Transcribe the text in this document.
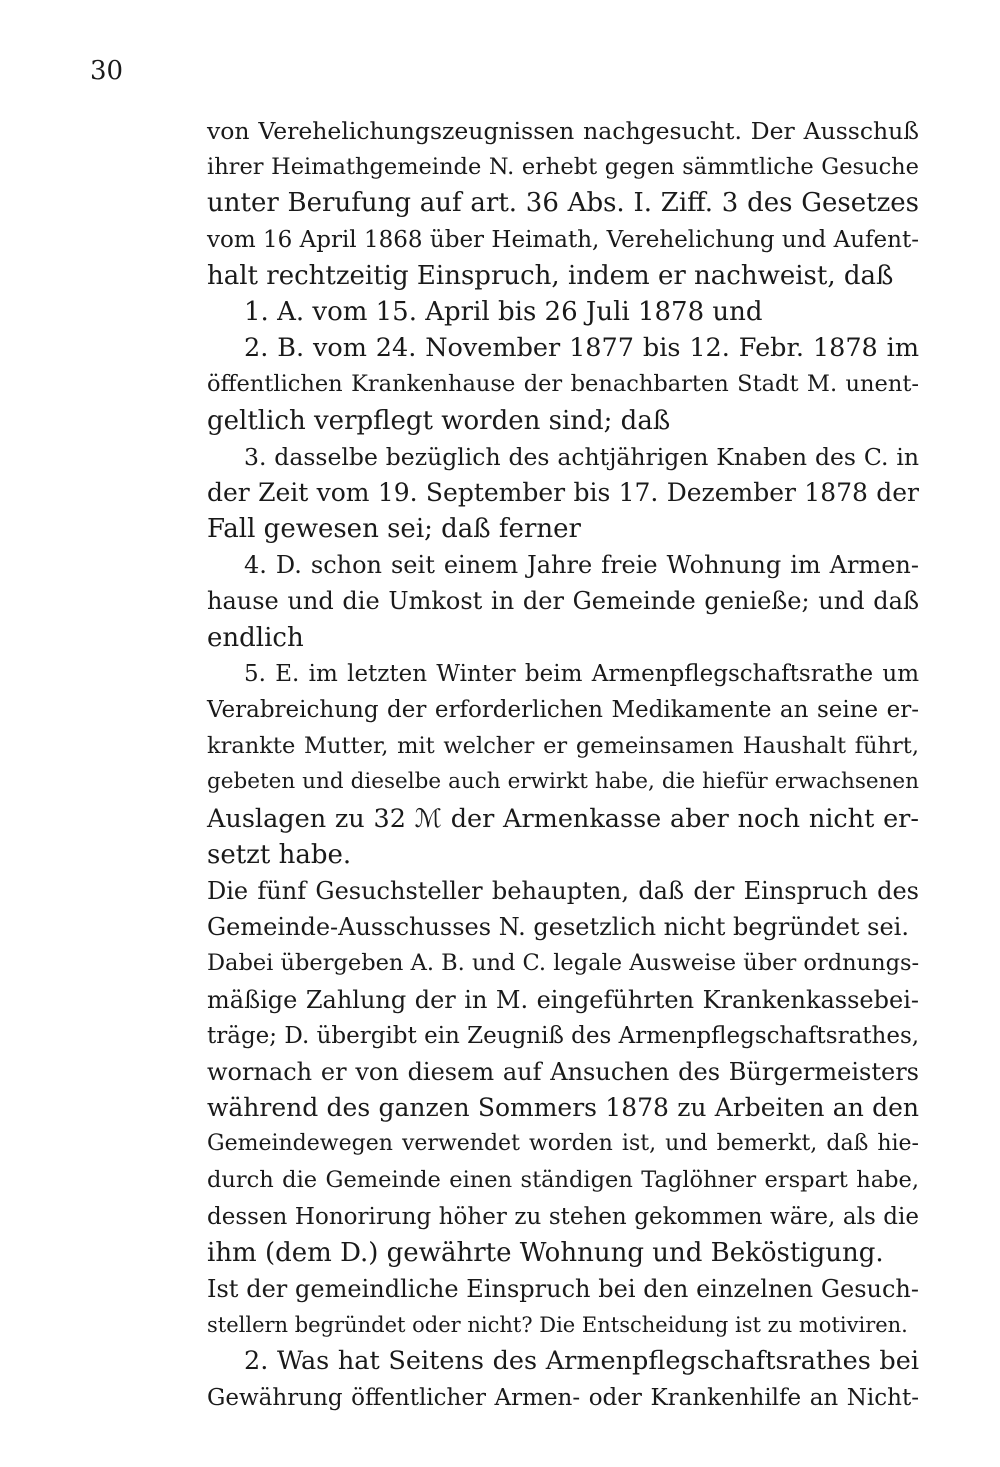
30
von Verehelichungszeugnissen nachgesucht. Der Ausschuß
ihrer Heimathgemeinde N. erhebt gegen sämmtliche Gesuche
unter Berufung auf art. 36 Abs. I. Ziff. 3 des Gesetzes
vom 16 April 1868 über Heimath, Verehelichung und Aufent-
halt rechtzeitig Einspruch, indem er nachweist, daß
1. A. vom 15. April bis 26 Juli 1878 und
2. B. vom 24. November 1877 bis 12. Febr. 1878 im
öffentlichen Krankenhause der benachbarten Stadt M. unent-
geltlich verpflegt worden sind; daß
3. dasselbe bezüglich des achtjährigen Knaben des C. in
der Zeit vom 19. September bis 17. Dezember 1878 der
Fall gewesen sei; daß ferner
4. D. schon seit einem Jahre freie Wohnung im Armen-
hause und die Umkost in der Gemeinde genieße; und daß
endlich
5. E. im letzten Winter beim Armenpflegschaftsrathe um
Verabreichung der erforderlichen Medikamente an seine er-
krankte Mutter, mit welcher er gemeinsamen Haushalt führt,
gebeten und dieselbe auch erwirkt habe, die hiefür erwachsenen
Auslagen zu 32 ℳ der Armenkasse aber noch nicht er-
setzt habe.
Die fünf Gesuchsteller behaupten, daß der Einspruch des
Gemeinde-Ausschusses N. gesetzlich nicht begründet sei.
Dabei übergeben A. B. und C. legale Ausweise über ordnungs-
mäßige Zahlung der in M. eingeführten Krankenkassebei-
träge; D. übergibt ein Zeugniß des Armenpflegschaftsrathes,
wornach er von diesem auf Ansuchen des Bürgermeisters
während des ganzen Sommers 1878 zu Arbeiten an den
Gemeindewegen verwendet worden ist, und bemerkt, daß hie-
durch die Gemeinde einen ständigen Taglöhner erspart habe,
dessen Honorirung höher zu stehen gekommen wäre, als die
ihm (dem D.) gewährte Wohnung und Beköstigung.
Ist der gemeindliche Einspruch bei den einzelnen Gesuch-
stellern begründet oder nicht? Die Entscheidung ist zu motiviren.
2. Was hat Seitens des Armenpflegschaftsrathes bei
Gewährung öffentlicher Armen- oder Krankenhilfe an Nicht-
